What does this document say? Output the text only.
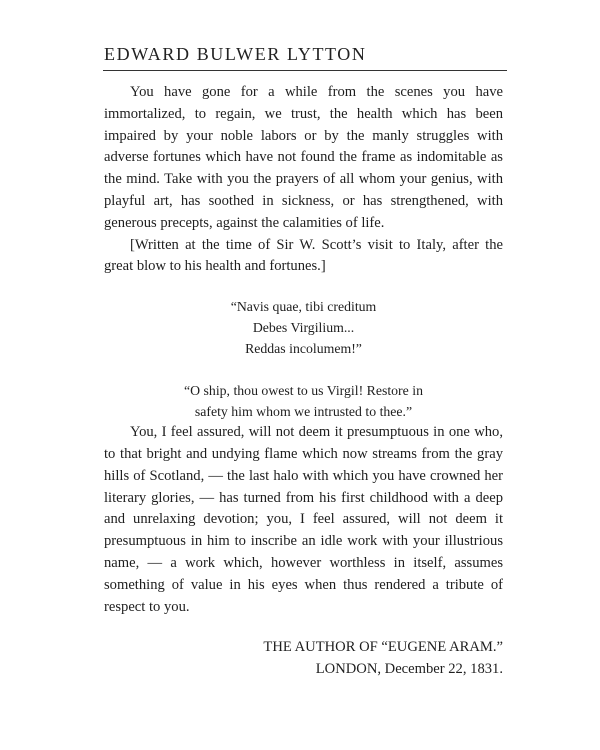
EDWARD BULWER LYTTON

You have gone for a while from the scenes you have immortalized, to regain, we trust, the health which has been impaired by your noble labors or by the manly struggles with adverse fortunes which have not found the frame as indomitable as the mind. Take with you the prayers of all whom your genius, with playful art, has soothed in sickness, or has strengthened, with generous precepts, against the calamities of life.

[Written at the time of Sir W. Scott’s visit to Italy, after the great blow to his health and fortunes.]

“Navis quae, tibi creditum
Debes Virgilium...
Reddas incolumem!”
“O ship, thou owest to us Virgil! Restore in
safety him whom we intrusted to thee.”

You, I feel assured, will not deem it presumptuous in one who, to that bright and undying flame which now streams from the gray hills of Scotland, — the last halo with which you have crowned her literary glories, — has turned from his first childhood with a deep and unrelaxing devotion; you, I feel assured, will not deem it presumptuous in him to inscribe an idle work with your illustrious name, — a work which, however worthless in itself, assumes something of value in his eyes when thus rendered a tribute of respect to you.

THE AUTHOR OF “EUGENE ARAM.”
LONDON, December 22, 1831.
